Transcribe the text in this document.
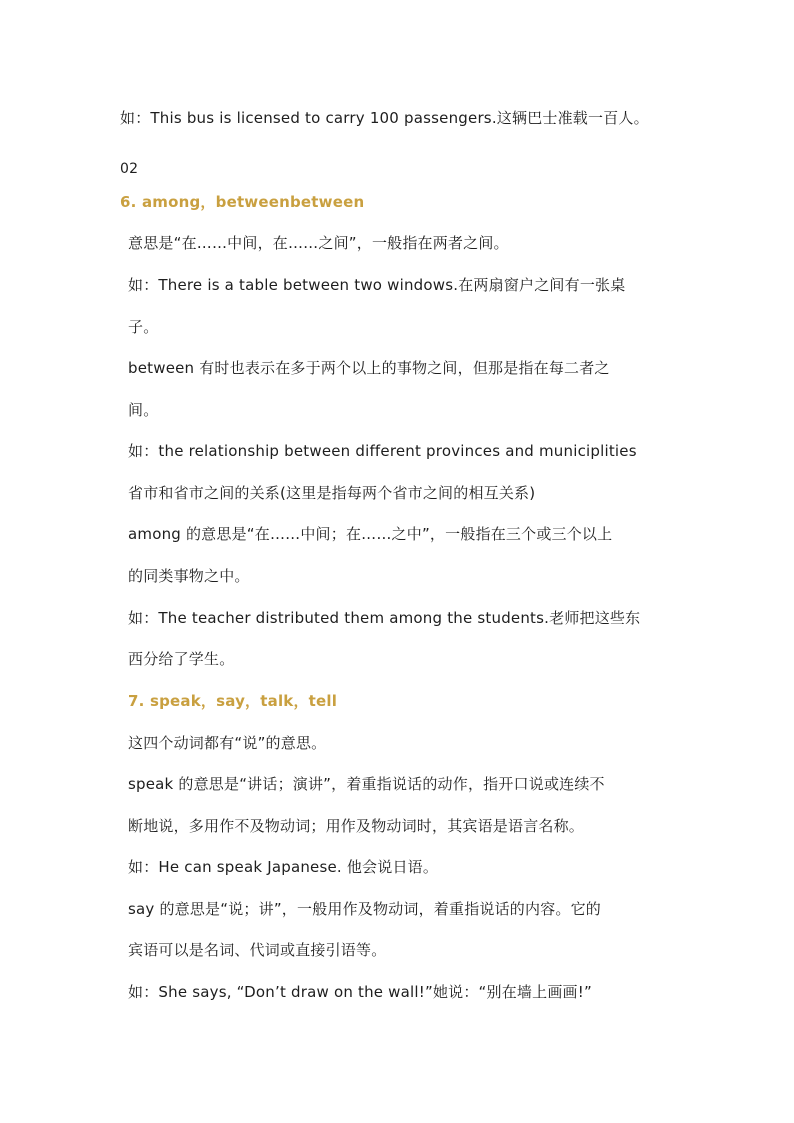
如：This bus is licensed to carry 100 passengers.这辆巴士准载一百人。
02
6. among，betweenbetween
意思是“在……中间，在……之间”，一般指在两者之间。
如：There is a table between two windows.在两扇窗户之间有一张桌
子。
between 有时也表示在多于两个以上的事物之间，但那是指在每二者之
间。
如：the relationship between different provinces and municiplities
省市和省市之间的关系(这里是指每两个省市之间的相互关系)
among 的意思是“在……中间；在……之中”，一般指在三个或三个以上
的同类事物之中。
如：The teacher distributed them among the students.老师把这些东
西分给了学生。
7. speak，say，talk，tell
这四个动词都有“说”的意思。
speak 的意思是“讲话；演讲”，着重指说话的动作，指开口说或连续不
断地说，多用作不及物动词；用作及物动词时，其宾语是语言名称。
如：He can speak Japanese. 他会说日语。
say 的意思是“说；讲”，一般用作及物动词，着重指说话的内容。它的
宾语可以是名词、代词或直接引语等。
如：She says, “Don’t draw on the wall!”她说：“别在墙上画画!”
